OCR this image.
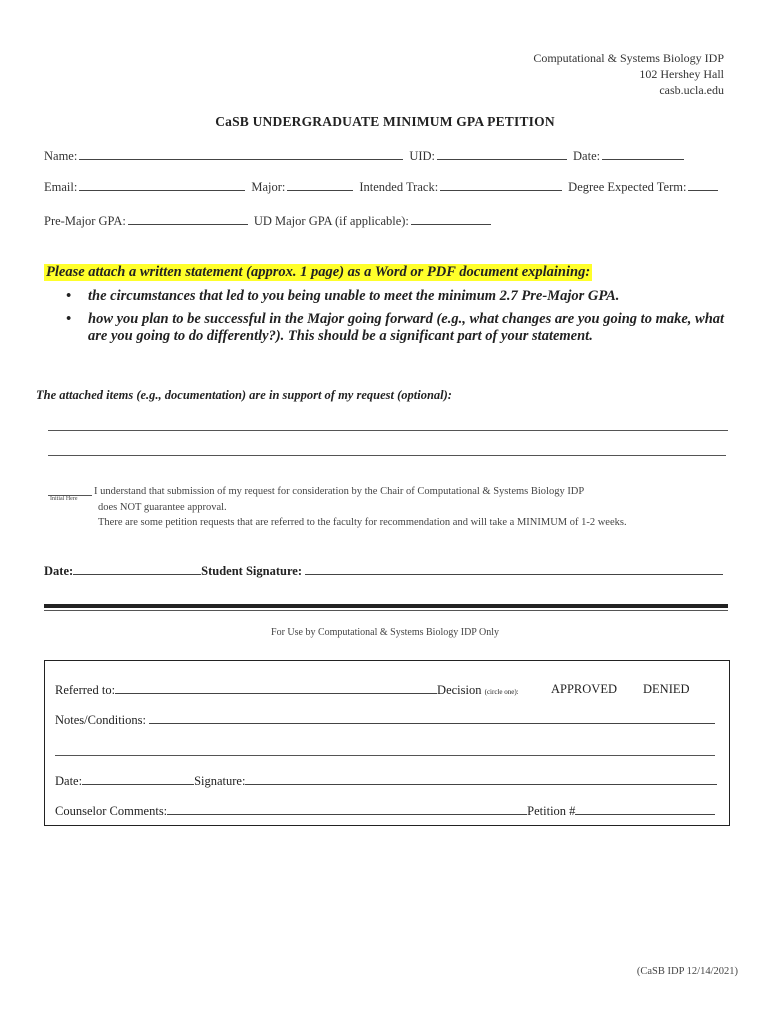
Computational & Systems Biology IDP
102 Hershey Hall
casb.ucla.edu
CaSB UNDERGRADUATE MINIMUM GPA PETITION
Name:	UID:	Date:
Email:	Major:	Intended Track:	Degree Expected Term:
Pre-Major GPA:	UD Major GPA (if applicable):
Please attach a written statement (approx. 1 page) as a Word or PDF document explaining:
• the circumstances that led to you being unable to meet the minimum 2.7 Pre-Major GPA.
• how you plan to be successful in the Major going forward (e.g., what changes are you going to make, what are you going to do differently?). This should be a significant part of your statement.
The attached items (e.g., documentation) are in support of my request (optional):
Initial Here
I understand that submission of my request for consideration by the Chair of Computational & Systems Biology IDP
does NOT guarantee approval.
There are some petition requests that are referred to the faculty for recommendation and will take a MINIMUM of 1-2 weeks.
Date:	Student Signature:
For Use by Computational & Systems Biology IDP Only
Referred to:	Decision (circle one):	APPROVED DENIED
Notes/Conditions:
Date:	Signature:
Counselor Comments:	Petition #
(CaSB IDP 12/14/2021)
